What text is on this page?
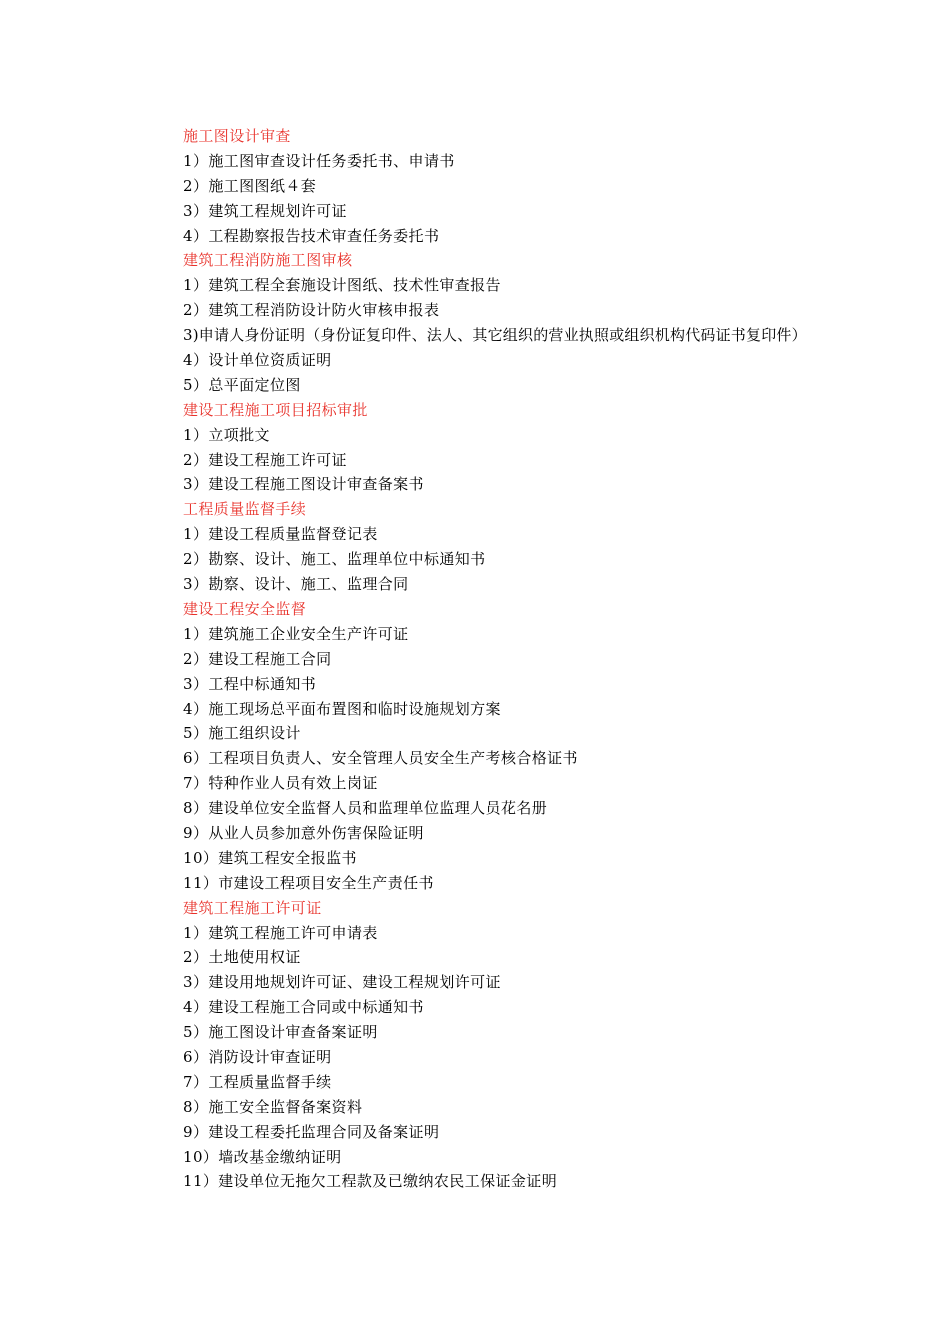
施工图设计审查
1）施工图审查设计任务委托书、申请书
2）施工图图纸４套
3）建筑工程规划许可证
4）工程勘察报告技术审查任务委托书
建筑工程消防施工图审核
1）建筑工程全套施设计图纸、技术性审查报告
2）建筑工程消防设计防火审核申报表
3)申请人身份证明（身份证复印件、法人、其它组织的营业执照或组织机构代码证书复印件）
4）设计单位资质证明
5）总平面定位图
建设工程施工项目招标审批
1）立项批文
2）建设工程施工许可证
3）建设工程施工图设计审查备案书
工程质量监督手续
1）建设工程质量监督登记表
2）勘察、设计、施工、监理单位中标通知书
3）勘察、设计、施工、监理合同
建设工程安全监督
1）建筑施工企业安全生产许可证
2）建设工程施工合同
3）工程中标通知书
4）施工现场总平面布置图和临时设施规划方案
5）施工组织设计
6）工程项目负责人、安全管理人员安全生产考核合格证书
7）特种作业人员有效上岗证
8）建设单位安全监督人员和监理单位监理人员花名册
9）从业人员参加意外伤害保险证明
10）建筑工程安全报监书
11）市建设工程项目安全生产责任书
建筑工程施工许可证
1）建筑工程施工许可申请表
2）土地使用权证
3）建设用地规划许可证、建设工程规划许可证
4）建设工程施工合同或中标通知书
5）施工图设计审查备案证明
6）消防设计审查证明
7）工程质量监督手续
8）施工安全监督备案资料
9）建设工程委托监理合同及备案证明
10）墙改基金缴纳证明
11）建设单位无拖欠工程款及已缴纳农民工保证金证明
